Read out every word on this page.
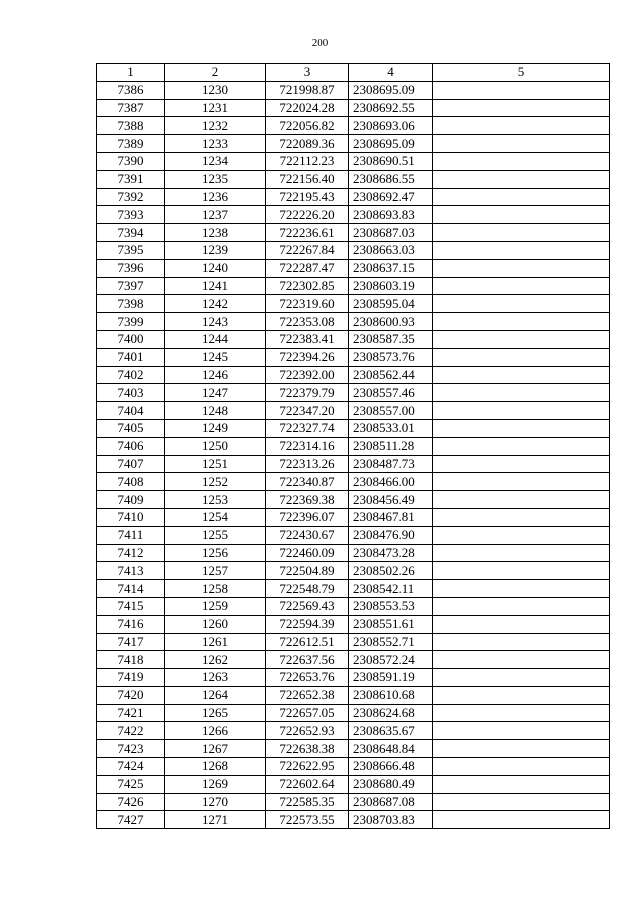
200
1	2	3	4	5
7386	1230	721998.87	2308695.09	
7387	1231	722024.28	2308692.55	
7388	1232	722056.82	2308693.06	
7389	1233	722089.36	2308695.09	
7390	1234	722112.23	2308690.51	
7391	1235	722156.40	2308686.55	
7392	1236	722195.43	2308692.47	
7393	1237	722226.20	2308693.83	
7394	1238	722236.61	2308687.03	
7395	1239	722267.84	2308663.03	
7396	1240	722287.47	2308637.15	
7397	1241	722302.85	2308603.19	
7398	1242	722319.60	2308595.04	
7399	1243	722353.08	2308600.93	
7400	1244	722383.41	2308587.35	
7401	1245	722394.26	2308573.76	
7402	1246	722392.00	2308562.44	
7403	1247	722379.79	2308557.46	
7404	1248	722347.20	2308557.00	
7405	1249	722327.74	2308533.01	
7406	1250	722314.16	2308511.28	
7407	1251	722313.26	2308487.73	
7408	1252	722340.87	2308466.00	
7409	1253	722369.38	2308456.49	
7410	1254	722396.07	2308467.81	
7411	1255	722430.67	2308476.90	
7412	1256	722460.09	2308473.28	
7413	1257	722504.89	2308502.26	
7414	1258	722548.79	2308542.11	
7415	1259	722569.43	2308553.53	
7416	1260	722594.39	2308551.61	
7417	1261	722612.51	2308552.71	
7418	1262	722637.56	2308572.24	
7419	1263	722653.76	2308591.19	
7420	1264	722652.38	2308610.68	
7421	1265	722657.05	2308624.68	
7422	1266	722652.93	2308635.67	
7423	1267	722638.38	2308648.84	
7424	1268	722622.95	2308666.48	
7425	1269	722602.64	2308680.49	
7426	1270	722585.35	2308687.08	
7427	1271	722573.55	2308703.83	
